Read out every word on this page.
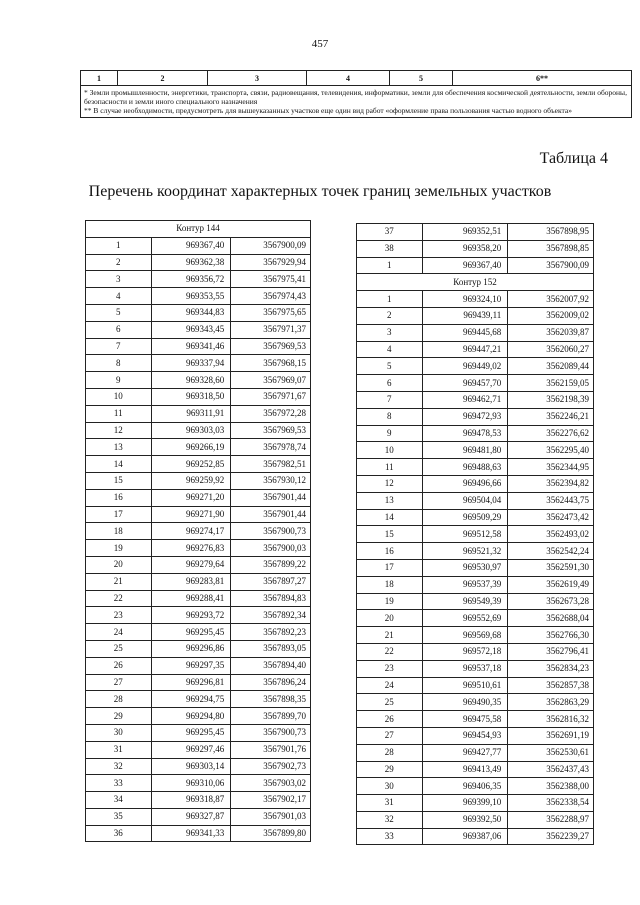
457
1	2	3	4	5	6**

* Земли промышленности, энергетики, транспорта, связи, радиовещания, телевидения, информатики, земли для обеспечения космической деятельности, земли обороны, безопасности и земли иного специального назначения
** В случае необходимости, предусмотреть для вышеуказанных участков еще один вид работ «оформление права пользования частью водного объекта»
Таблица 4
Перечень координат характерных точек границ земельных участков
Контур 144		
1	969367,40	3567900,09
2	969362,38	3567929,94
3	969356,72	3567975,41
4	969353,55	3567974,43
5	969344,83	3567975,65
6	969343,45	3567971,37
7	969341,46	3567969,53
8	969337,94	3567968,15
9	969328,60	3567969,07
10	969318,50	3567971,67
11	969311,91	3567972,28
12	969303,03	3567969,53
13	969266,19	3567978,74
14	969252,85	3567982,51
15	969259,92	3567930,12
16	969271,20	3567901,44
17	969271,90	3567901,44
18	969274,17	3567900,73
19	969276,83	3567900,03
20	969279,64	3567899,22
21	969283,81	3567897,27
22	969288,41	3567894,83
23	969293,72	3567892,34
24	969295,45	3567892,23
25	969296,86	3567893,05
26	969297,35	3567894,40
27	969296,81	3567896,24
28	969294,75	3567898,35
29	969294,80	3567899,70
30	969295,45	3567900,73
31	969297,46	3567901,76
32	969303,14	3567902,73
33	969310,06	3567903,02
34	969318,87	3567902,17
35	969327,87	3567901,03
36	969341,33	3567899,80
37	969352,51	3567898,95
38	969358,20	3567898,85
1	969367,40	3567900,09
Контур 152		
1	969324,10	3562007,92
2	969439,11	3562009,02
3	969445,68	3562039,87
4	969447,21	3562060,27
5	969449,02	3562089,44
6	969457,70	3562159,05
7	969462,71	3562198,39
8	969472,93	3562246,21
9	969478,53	3562276,62
10	969481,80	3562295,40
11	969488,63	3562344,95
12	969496,66	3562394,82
13	969504,04	3562443,75
14	969509,29	3562473,42
15	969512,58	3562493,02
16	969521,32	3562542,24
17	969530,97	3562591,30
18	969537,39	3562619,49
19	969549,39	3562673,28
20	969552,69	3562688,04
21	969569,68	3562766,30
22	969572,18	3562796,41
23	969537,18	3562834,23
24	969510,61	3562857,38
25	969490,35	3562863,29
26	969475,58	3562816,32
27	969454,93	3562691,19
28	969427,77	3562530,61
29	969413,49	3562437,43
30	969406,35	3562388,00
31	969399,10	3562338,54
32	969392,50	3562288,97
33	969387,06	3562239,27
